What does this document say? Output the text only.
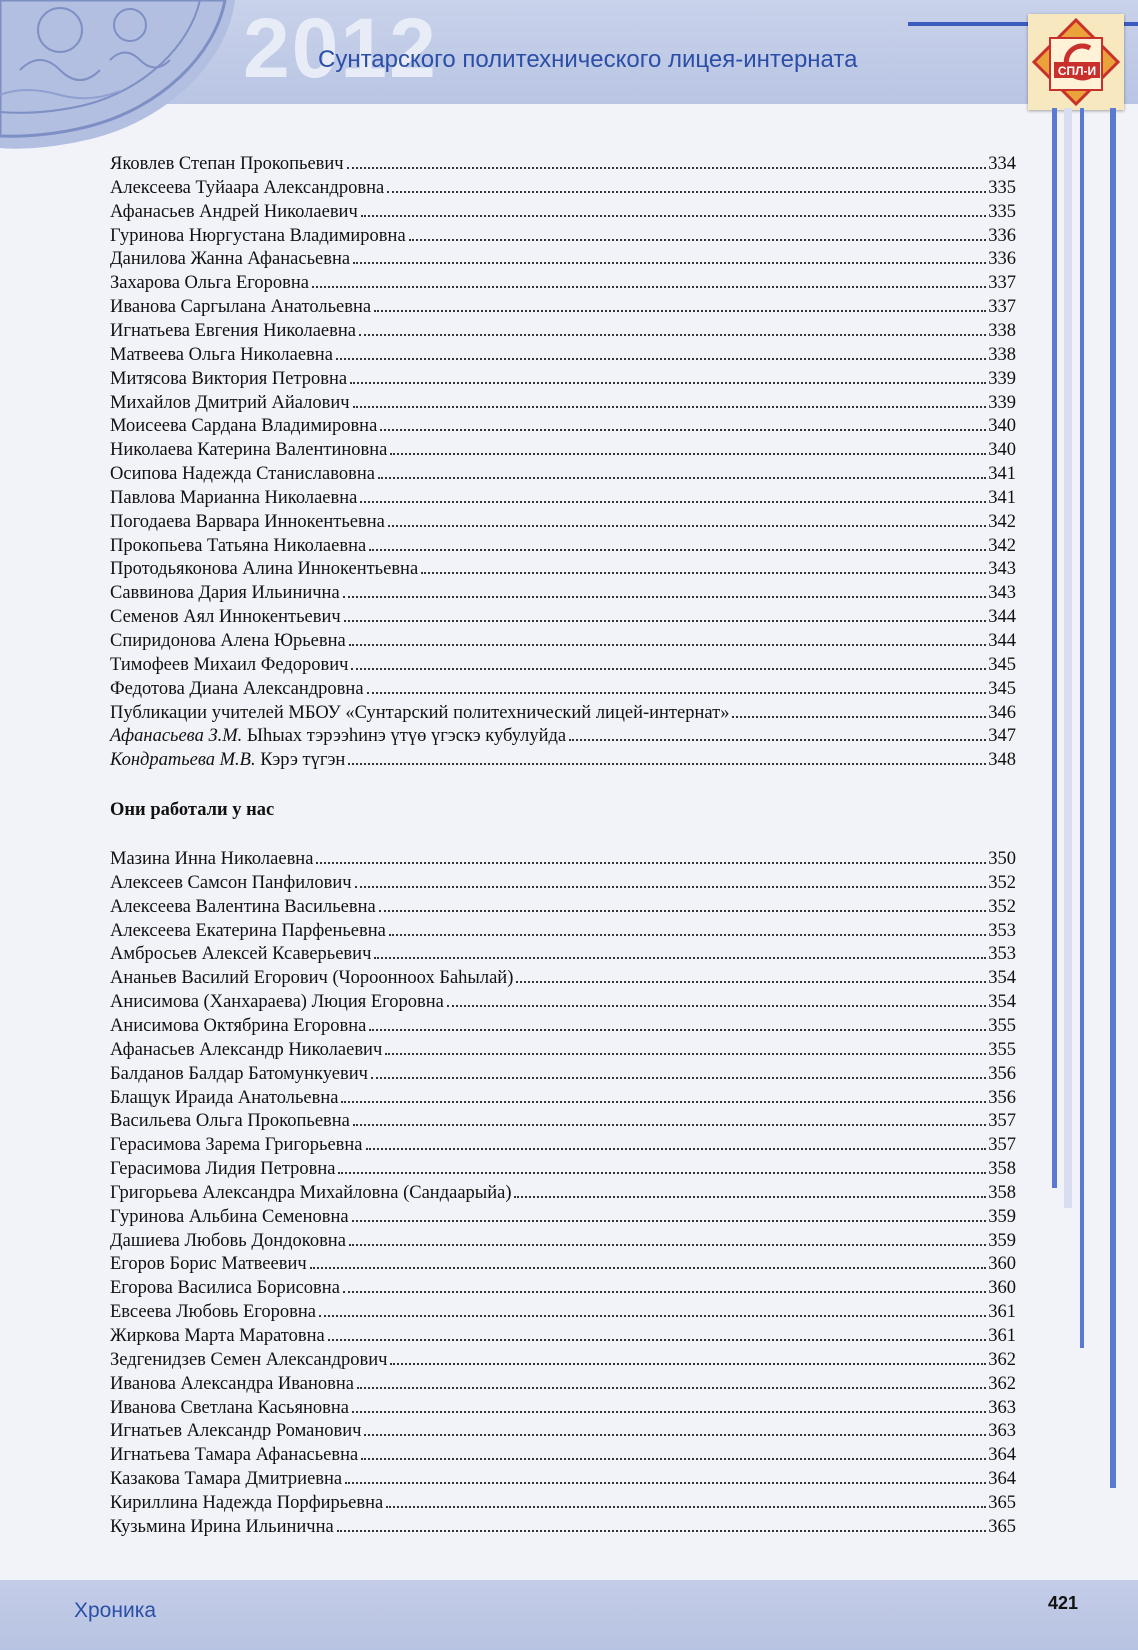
2012
Сунтарского политехнического лицея-интерната	СПЛ-И
Яковлев Степан Прокопьевич	334
Алексеева Туйаара Александровна	335
Афанасьев Андрей Николаевич	335
Гуринова Нюргустана Владимировна	336
Данилова Жанна Афанасьевна	336
Захарова Ольга Егоровна	337
Иванова Саргылана Анатольевна	337
Игнатьева Евгения Николаевна	338
Матвеева Ольга Николаевна	338
Митясова Виктория Петровна	339
Михайлов Дмитрий Айалович	339
Моисеева Сардана Владимировна	340
Николаева Катерина Валентиновна	340
Осипова Надежда Станиславовна	341
Павлова Марианна Николаевна	341
Погодаева Варвара Иннокентьевна	342
Прокопьева Татьяна Николаевна	342
Протодьяконова Алина Иннокентьевна	343
Саввинова Дария Ильинична	343
Семенов Аял Иннокентьевич	344
Спиридонова Алена Юрьевна	344
Тимофеев Михаил Федорович	345
Федотова Диана Александровна	345
Публикации учителей МБОУ «Сунтарский политехнический лицей-интернат»	346
Афанасьева З.М. Ыһыах тэрээһинэ үтүө үгэскэ кубулуйда	347
Кондратьева М.В. Кэрэ түгэн	348
Они работали у нас
Мазина Инна Николаевна	350
Алексеев Самсон Панфилович	352
Алексеева Валентина Васильевна	352
Алексеева Екатерина Парфеньевна	353
Амбросьев Алексей Ксаверьевич	353
Ананьев Василий Егорович (Чороонноох Баһылай)	354
Анисимова (Ханхараева) Люция Егоровна	354
Анисимова Октябрина Егоровна	355
Афанасьев Александр Николаевич	355
Балданов Балдар Батомункуевич	356
Блащук Ираида Анатольевна	356
Васильева Ольга Прокопьевна	357
Герасимова Зарема Григорьевна	357
Герасимова Лидия Петровна	358
Григорьева Александра Михайловна (Сандаарыйа)	358
Гуринова Альбина Семеновна	359
Дашиева Любовь Дондоковна	359
Егоров Борис Матвеевич	360
Егорова Василиса Борисовна	360
Евсеева Любовь Егоровна	361
Жиркова Марта Маратовна	361
Зедгенидзев Семен Александрович	362
Иванова Александра Ивановна	362
Иванова Светлана Касьяновна	363
Игнатьев Александр Романович	363
Игнатьева Тамара Афанасьевна	364
Казакова Тамара Дмитриевна	364
Кириллина Надежда Порфирьевна	365
Кузьмина Ирина Ильинична	365
Хроника	421
